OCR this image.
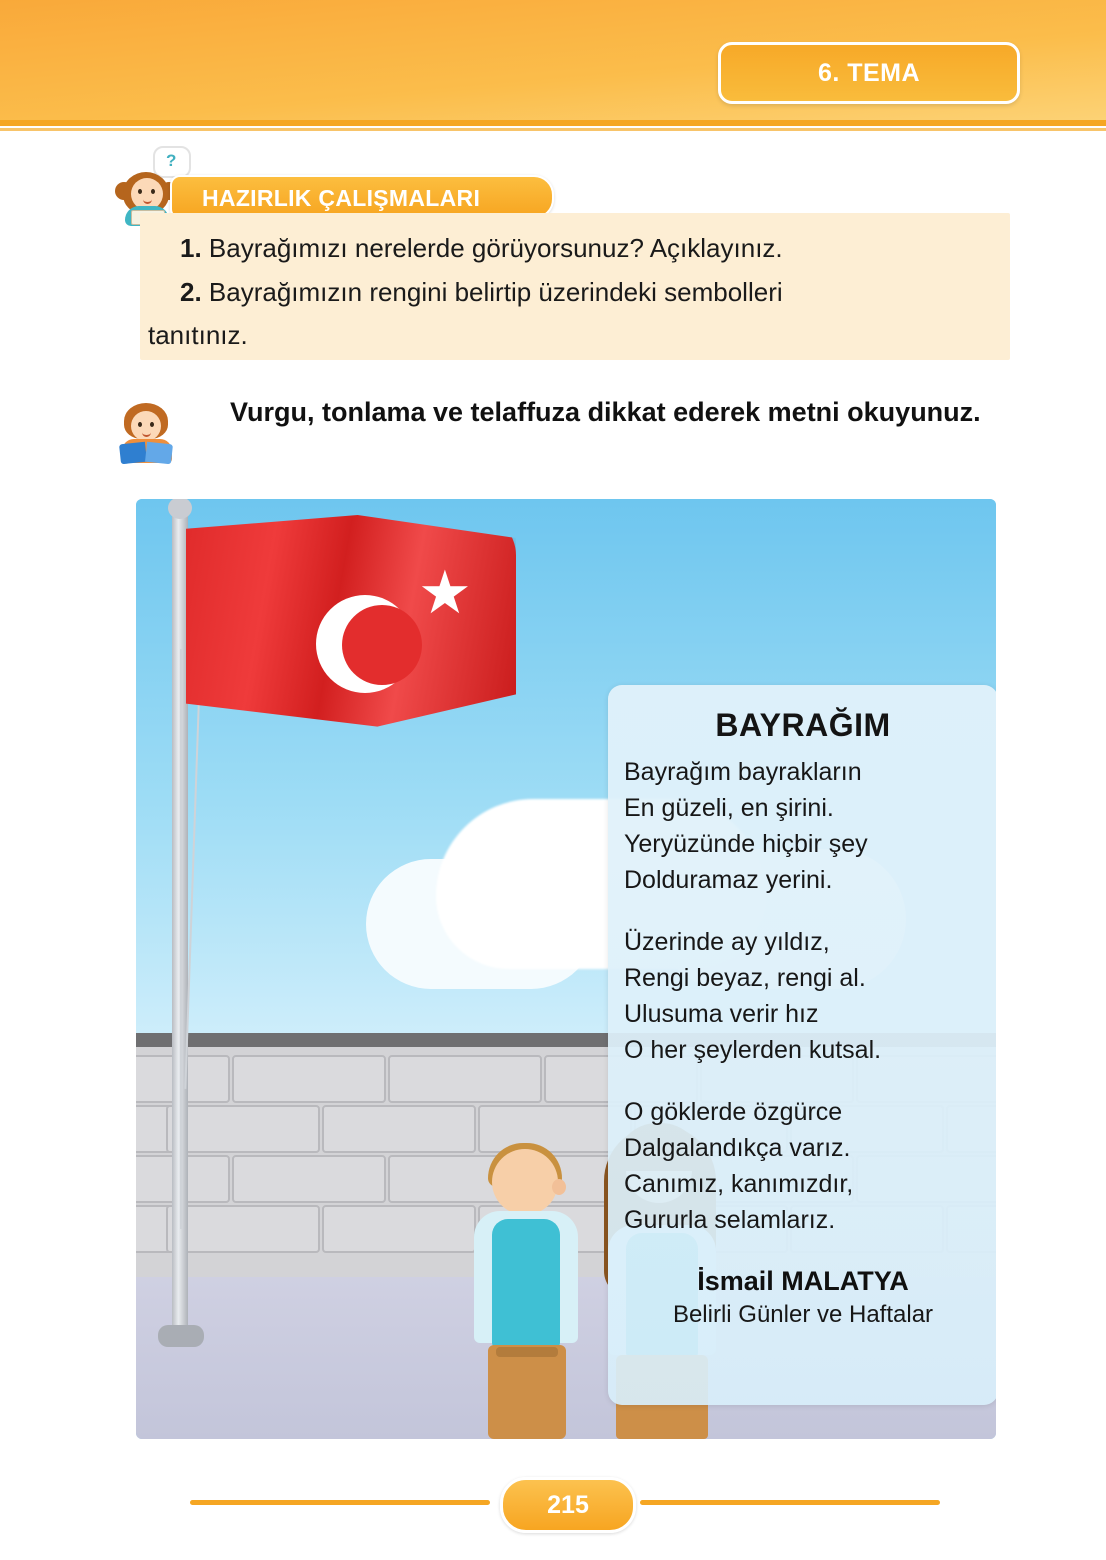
6. TEMA
?
HAZIRLIK ÇALIŞMALARI
1. Bayrağımızı nerelerde görüyorsunuz? Açıklayınız.
2. Bayrağımızın rengini belirtip üzerindeki sembolleri
tanıtınız.
Vurgu, tonlama ve telaffuza dikkat ederek metni okuyunuz.
BAYRAĞIM
Bayrağım bayrakların
En güzeli, en şirini.
Yeryüzünde hiçbir şey
Dolduramaz yerini.
Üzerinde ay yıldız,
Rengi beyaz, rengi al.
Ulusuma verir hız
O her şeylerden kutsal.
O göklerde özgürce
Dalgalandıkça varız.
Canımız, kanımızdır,
Gururla selamlarız.
İsmail MALATYA
Belirli Günler ve Haftalar
215
